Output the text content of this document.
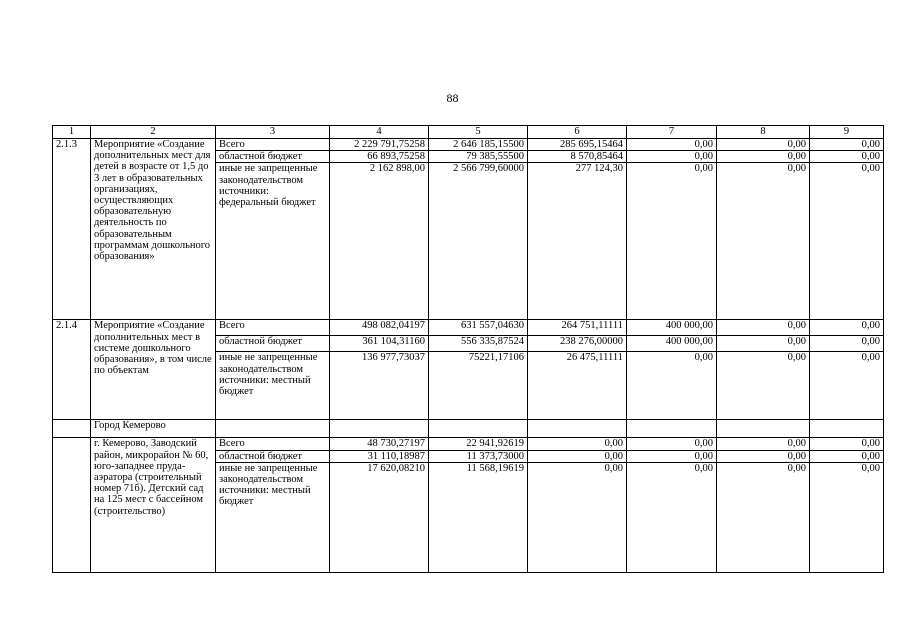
88
1	2	3	4	5	6	7	8	9
2.1.3	Мероприятие «Создание дополнительных мест для детей в возрасте от 1,5 до 3 лет в образовательных организациях, осуществляющих образовательную деятельность по образовательным программам дошкольного образования»	Всего	2 229 791,75258	2 646 185,15500	285 695,15464	0,00	0,00	0,00
		областной бюджет	66 893,75258	79 385,55500	8 570,85464	0,00	0,00	0,00
		иные не запрещенные законодательством источники: федеральный бюджет	2 162 898,00	2 566 799,60000	277 124,30	0,00	0,00	0,00
2.1.4	Мероприятие «Создание дополнительных мест в системе дошкольного образования», в том числе по объектам	Всего	498 082,04197	631 557,04630	264 751,11111	400 000,00	0,00	0,00
		областной бюджет	361 104,31160	556 335,87524	238 276,00000	400 000,00	0,00	0,00
		иные не запрещенные законодательством источники: местный бюджет	136 977,73037	75221,17106	26 475,11111	0,00	0,00	0,00
	Город Кемерово							
	г. Кемерово, Заводский район, микрорайон № 60, юго-западнее пруда-аэратора (строительный номер 71б). Детский сад на 125 мест с бассейном (строительство)	Всего	48 730,27197	22 941,92619	0,00	0,00	0,00	0,00
		областной бюджет	31 110,18987	11 373,73000	0,00	0,00	0,00	0,00
		иные не запрещенные законодательством источники: местный бюджет	17 620,08210	11 568,19619	0,00	0,00	0,00	0,00
